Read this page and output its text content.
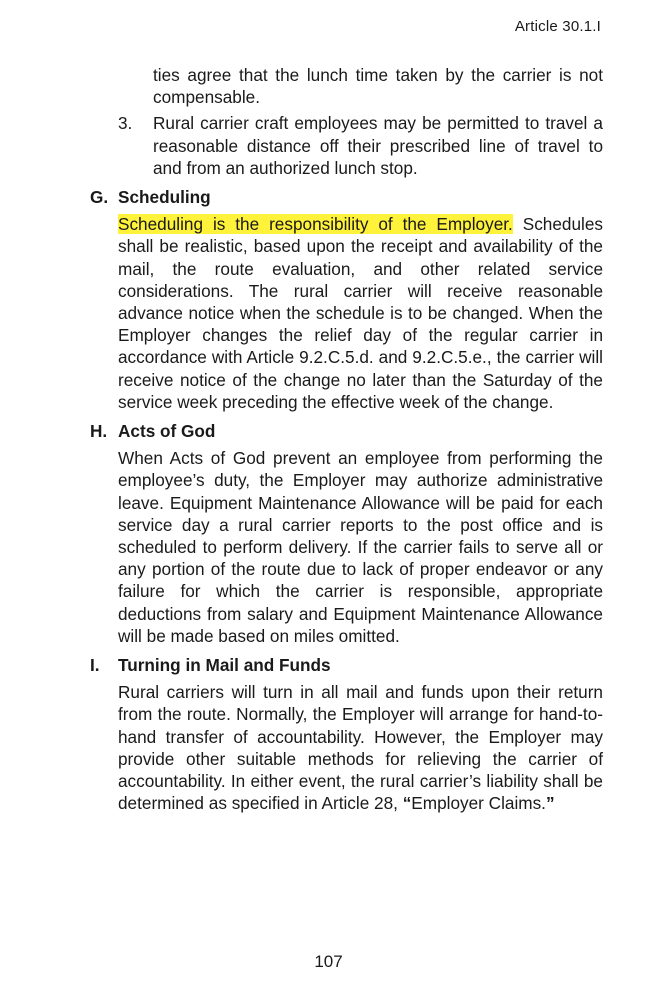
Article 30.1.I
ties agree that the lunch time taken by the carrier is not compensable.
3.	Rural carrier craft employees may be permitted to travel a reasonable distance off their prescribed line of travel to and from an authorized lunch stop.
G. Scheduling
Scheduling is the responsibility of the Employer. Schedules shall be realistic, based upon the receipt and availability of the mail, the route evaluation, and other related service considerations. The rural carrier will receive reasonable advance notice when the schedule is to be changed. When the Employer changes the relief day of the regular carrier in accordance with Article 9.2.C.5.d. and 9.2.C.5.e., the carrier will receive notice of the change no later than the Saturday of the service week preceding the effective week of the change.
H. Acts of God
When Acts of God prevent an employee from performing the employee’s duty, the Employer may authorize administrative leave. Equipment Maintenance Allowance will be paid for each service day a rural carrier reports to the post office and is scheduled to perform delivery. If the carrier fails to serve all or any portion of the route due to lack of proper endeavor or any failure for which the carrier is responsible, appropriate deductions from salary and Equipment Maintenance Allowance will be made based on miles omitted.
I.	Turning in Mail and Funds
Rural carriers will turn in all mail and funds upon their return from the route. Normally, the Employer will arrange for hand-to-hand transfer of accountability. However, the Employer may provide other suitable methods for relieving the carrier of accountability. In either event, the rural carrier’s liability shall be determined as specified in Article 28, “Employer Claims.”
107
